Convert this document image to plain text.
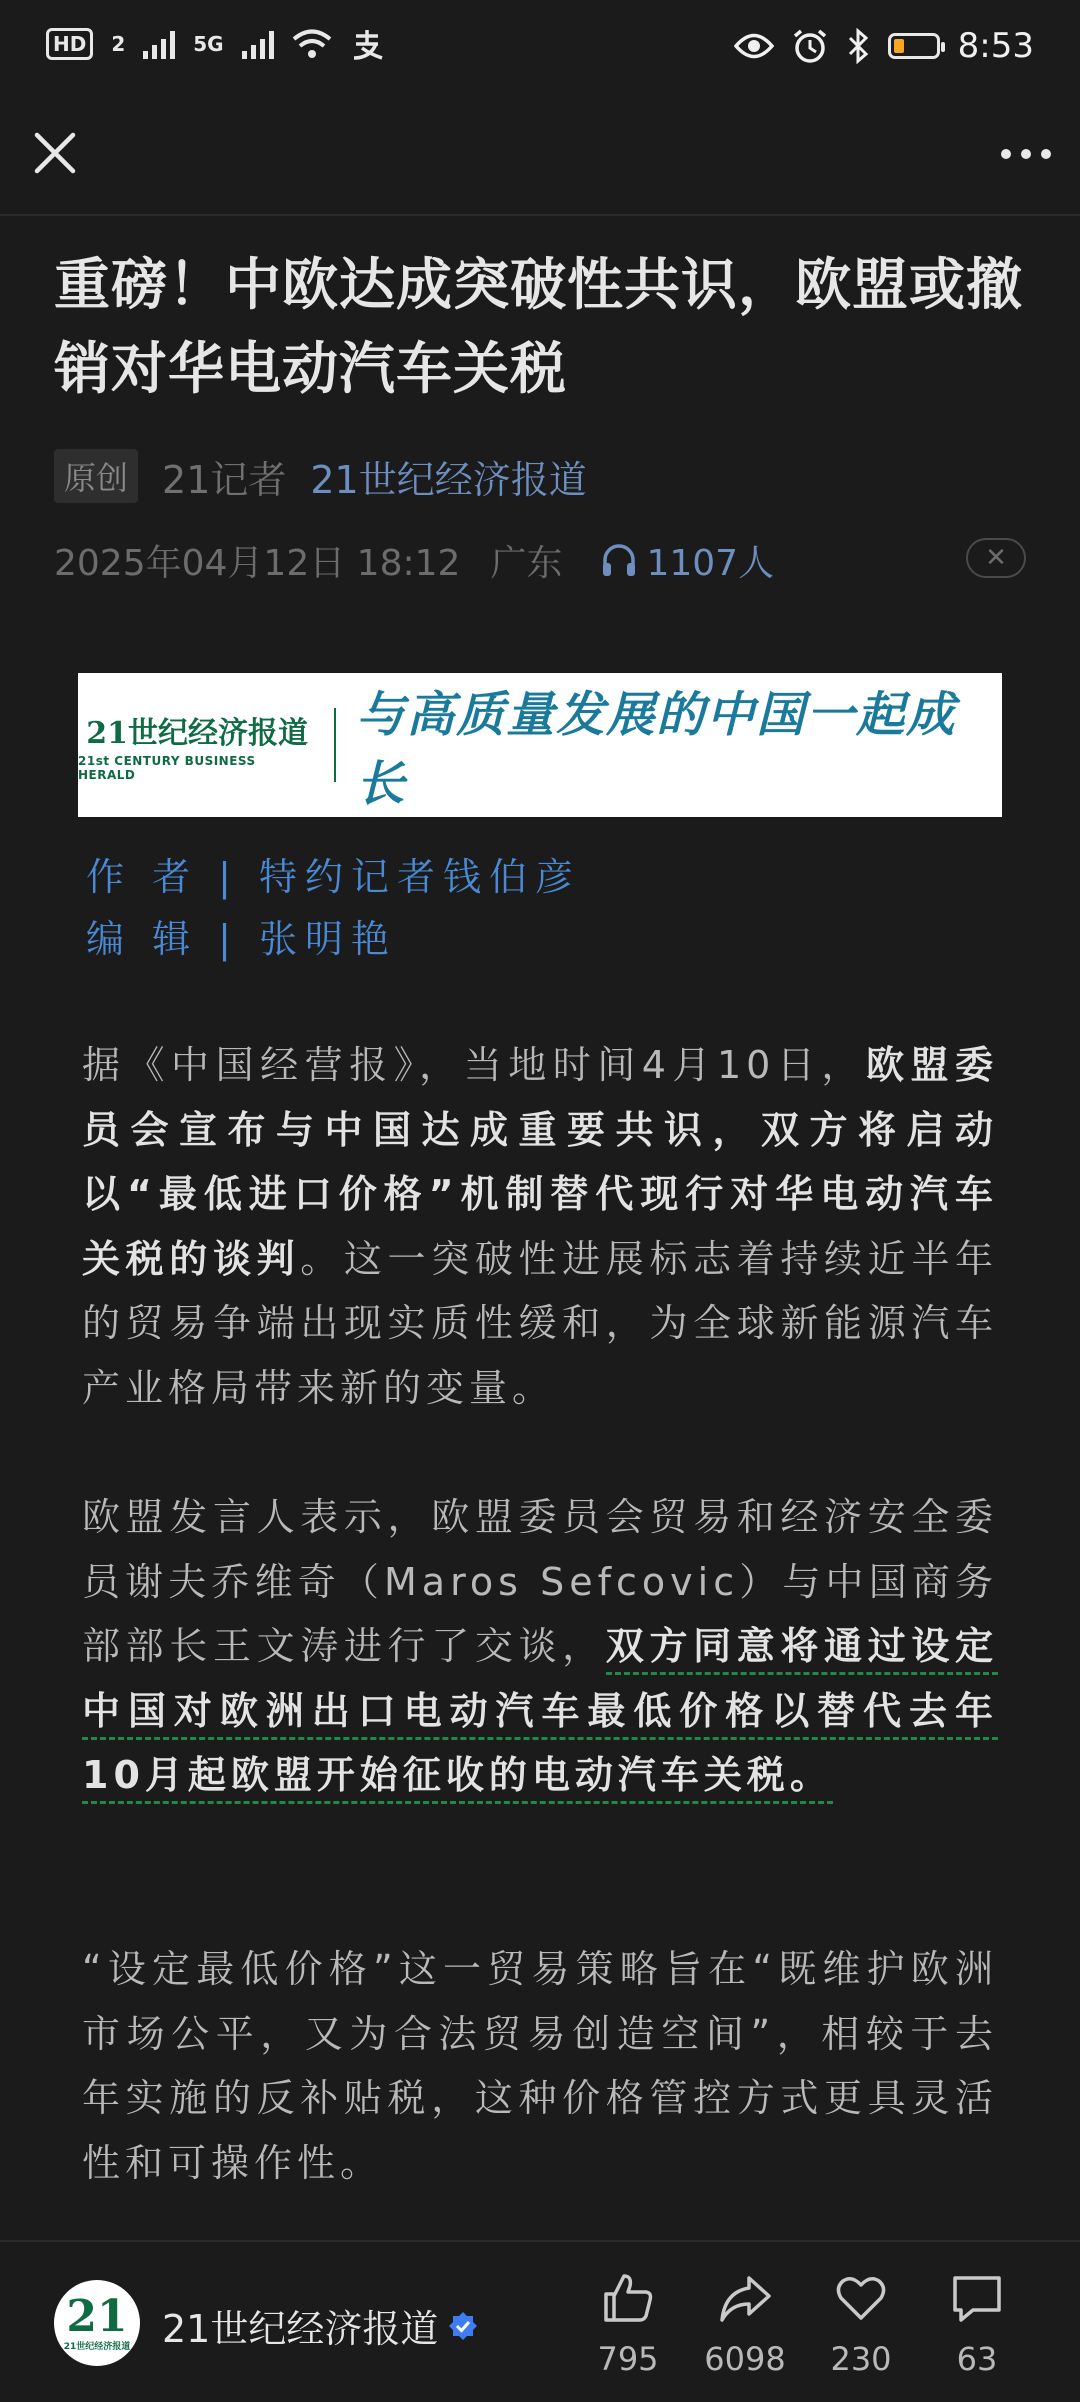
HD	2	5G	8:53
重磅！中欧达成突破性共识，欧盟或撤销对华电动汽车关税
原创 21记者 21世纪经济报道
2025年04月12日 18:12 广东 1107人	✕
21世纪经济报道
21st CENTURY BUSINESS HERALD
与高质量发展的中国一起成长
作 者 | 特约记者钱伯彦
编 辑 | 张明艳

据《中国经营报》，当地时间4月10日，欧盟委员会宣布与中国达成重要共识，双方将启动以“最低进口价格”机制替代现行对华电动汽车关税的谈判。这一突破性进展标志着持续近半年的贸易争端出现实质性缓和，为全球新能源汽车产业格局带来新的变量。

欧盟发言人表示，欧盟委员会贸易和经济安全委员谢夫乔维奇（Maros Sefcovic）与中国商务部部长王文涛进行了交谈，双方同意将通过设定中国对欧洲出口电动汽车最低价格以替代去年10月起欧盟开始征收的电动汽车关税。

“设定最低价格”这一贸易策略旨在“既维护欧洲市场公平，又为合法贸易创造空间”，相较于去年实施的反补贴税，这种价格管控方式更具灵活性和可操作性。

21
21世纪经济报道 21世纪经济报道
795 6098 230 63
